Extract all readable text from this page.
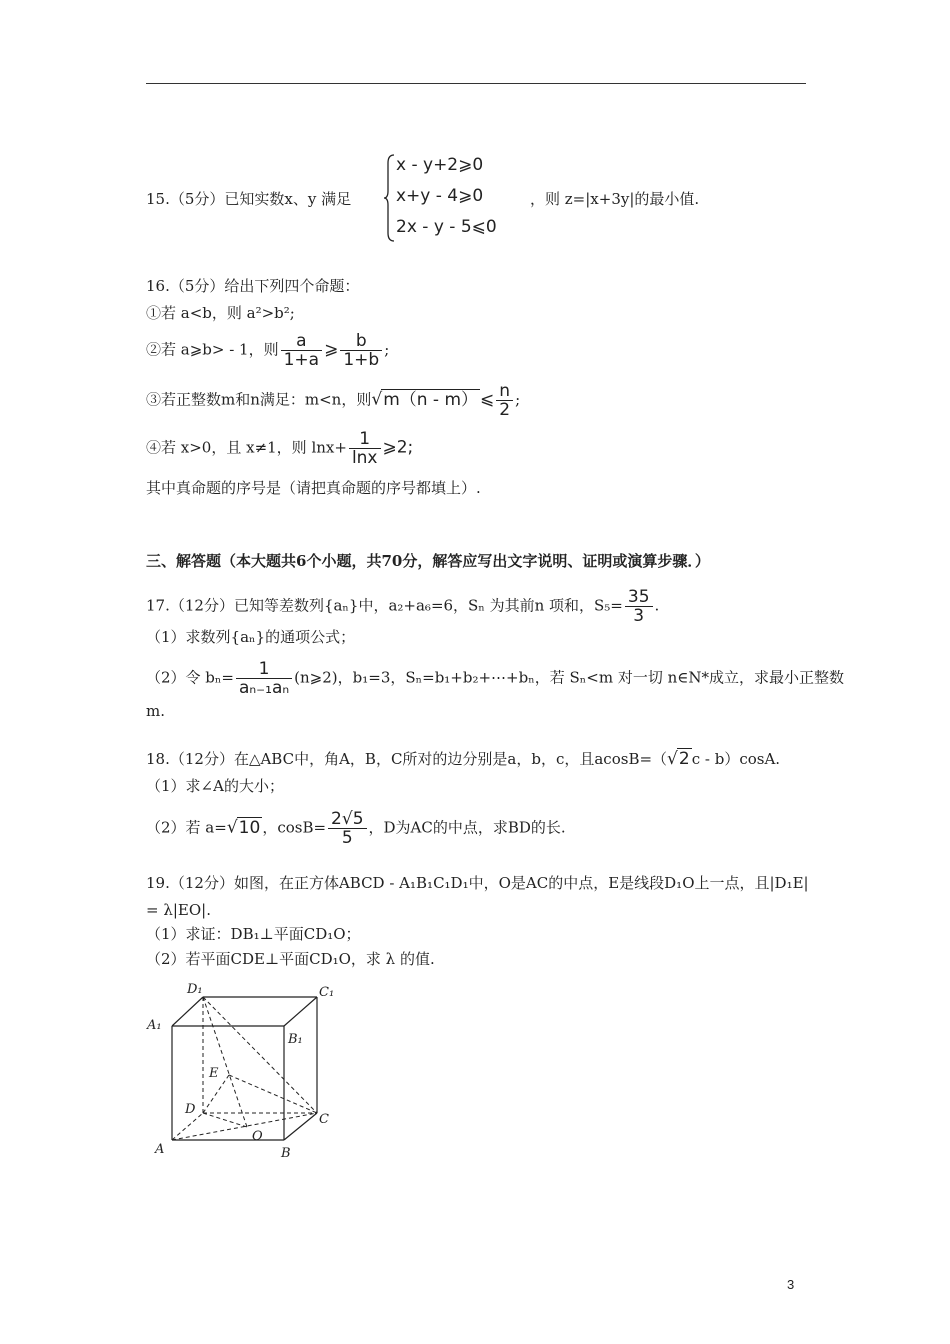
15.（5分）已知实数x、y 满足
x - y+2⩾0
x+y - 4⩾0
2x - y - 5⩽0
，则 z=|x+3y|的最小值.
16.（5分）给出下列四个命题：
①若 a<b，则 a²>b²;
②若 a⩾b> - 1，则 $\frac{a}{1+a}$ ⩾ $\frac{b}{1+b}$ ;
③若正整数m和n满足：m<n，则√m（n - m） ⩽ $\frac{n}{2}$ ;
④若 x>0，且 x≠1，则 $\ln x+ \frac{1}{\ln x}$ ⩾2;
其中真命题的序号是（请把真命题的序号都填上）.
三、解答题（本大题共6个小题，共70分，解答应写出文字说明、证明或演算步骤．）
17.（12分）已知等差数列{aₙ}中，a₂+a₆=6，Sₙ 为其前n 项和，$S_5= \frac{35}{3}$ .
（1）求数列{aₙ}的通项公式；
（2）令 $b_n= \frac{1}{\text{aₙ₋₁aₙ}}$ (n⩾2)，b₁=3，Sₙ=b₁+b₂+⋯+bₙ，若 Sₙ<m 对一切 n∈N*成立，求最小正整数
m.
18.（12分）在△ABC中，角A，B，C所对的边分别是a，b，c，且acosB=（√2 c - b）cosA.
（1）求∠A的大小；
（2）若 a=√10 ，$\cos B= \frac{2√5}{5}$ ，D为AC的中点，求BD的长.
19.（12分）如图，在正方体ABCD - A₁B₁C₁D₁中，O是AC的中点，E是线段D₁O上一点，且|D₁E|
= λ|EO|.
（1）求证：DB₁⊥平面CD₁O；
（2）若平面CDE⊥平面CD₁O，求 λ 的值.
D₁	C₁
A₁
B₁
E
D
C
O
A	B
3
